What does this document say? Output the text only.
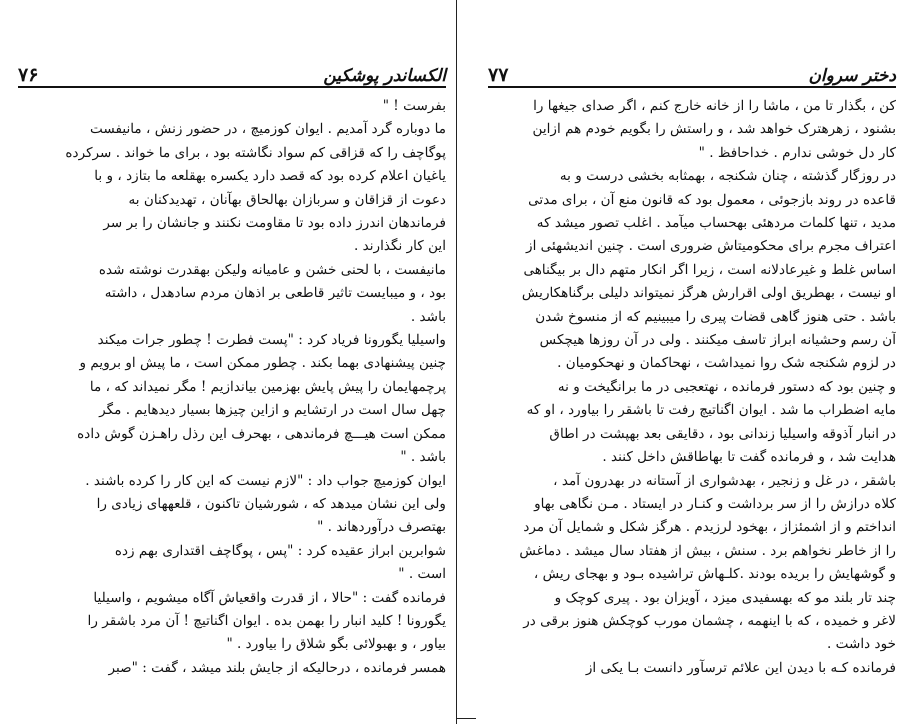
الکساندر پوشکین
۷۶
بفرست ! "
ما دوباره گرد آمدیم . ایوان کوزمیچ ، در حضور زنش ، مانیفست
پوگاچف را که قزاقی کم سواد نگاشته بود ، برای ما خواند . سرکرده
یاغیان اعلام کرده بود که قصد دارد یکسره بهقلعه ما بتازد ، و با
دعوت از قزاقان و سربازان بهالحاق بهآنان ، تهدیدکنان به
فرماندهان اندرز داده بود تا مقاومت نکنند و جانشان را بر سر
این کار نگذارند .
مانیفست ، با لحنی خشن و عامیانه ولیکن بهقدرت نوشته شده
بود ، و میبایست تاثیر قاطعی بر اذهان مردم سادهدل ، داشته
باشد .
واسیلیا یگورونا فریاد کرد : "پست فطرت ! چطور جرات میکند
چنین پیشنهادی بهما بکند . چطور ممکن است ، ما پیش او برویم و
پرچمهایمان را پیش پایش بهزمین بیاندازیم ! مگر نمیداند که ، ما
چهل سال است در ارتشایم و ازاین چیزها بسیار دیدهایم . مگر
ممکن است هیـــچ فرماندهی ، بهحرف این رذل راهـزن گوش داده
باشد . "
ایوان کوزمیچ جواب داد : "لازم نیست که این کار را کرده باشند .
ولی این نشان میدهد که ، شورشیان تاکنون ، قلعههای زیادی را
بهتصرف درآوردهاند . "
شوابرین ابراز عقیده کرد : "پس ، پوگاچف اقتداری بهم زده
است . "
فرمانده گفت : "حالا ، از قدرت واقعیاش آگاه میشویم ، واسیلیا
یگورونا ! کلید انبار را بهمن بده . ایوان اگناتیچ ! آن مرد باشقر را
بیاور ، و بهبولائی بگو شلاق را بیاورد . "
همسر فرمانده ، درحالیکه از جایش بلند میشد ، گفت : "صبر
دختر سروان
۷۷
کن ، بگذار تا من ، ماشا را از خانه خارج کنم ، اگر صدای جیغها را
بشنود ، زهرهترک خواهد شد ، و راستش را بگویم خودم هم ازاین
کار دل خوشی ندارم . خداحافظ . "
در روزگار گذشته ، چنان شکنجه ، بهمثابه بخشی درست و به
قاعده در روند بازجوئی ، معمول بود که قانون منع آن ، برای مدتی
مدید ، تنها کلمات مردهئی بهحساب میآمد . اغلب تصور میشد که
اعتراف مجرم برای محکومیتاش ضروری است . چنین اندیشهئی از
اساس غلط و غیرعادلانه است ، زیرا اگر انکار متهم دال بر بیگناهی
او نیست ، بهطریق اولی اقرارش هرگز نمیتواند دلیلی برگناهکاریش
باشد . حتی هنوز گاهی قضات پیری را میبینیم که از منسوخ شدن
آن رسم وحشیانه ابراز تاسف میکنند . ولی در آن روزها هیچکس
در لزوم شکنجه شک روا نمیداشت ، نهحاکمان و نهحکومیان .
و چنین بود که دستور فرمانده ، نهتعجبی در ما برانگیخت و نه
مایه اضطراب ما شد . ایوان اگناتیچ رفت تا باشقر را بیاورد ، او که
در انبار آذوقه واسیلیا زندانی بود ، دقایقی بعد بهپشت در اطاق
هدایت شد ، و فرمانده گفت تا بهاطاقش داخل کنند .
باشقر ، در غل و زنجیر ، بهدشواری از آستانه در بهدرون آمد ،
کلاه درازش را از سر برداشت و کنـار در ایستاد . مـن نگاهی بهاو
انداختم و از اشمئزاز ، بهخود لرزیدم . هرگز شکل و شمایل آن مرد
را از خاطر نخواهم برد . سنش ، بیش از هفتاد سال میشد . دماغش
و گوشهایش را بریده بودند .کلـهاش تراشیده بـود و بهجای ریش ،
چند تار بلند مو که بهسفیدی میزد ، آویزان بود . پیری کوچک و
لاغر و خمیده ، که با اینهمه ، چشمان مورب کوچکش هنوز برقی در
خود داشت .
فرمانده کـه با دیدن این علائم ترسآور دانست بـا یکی از
